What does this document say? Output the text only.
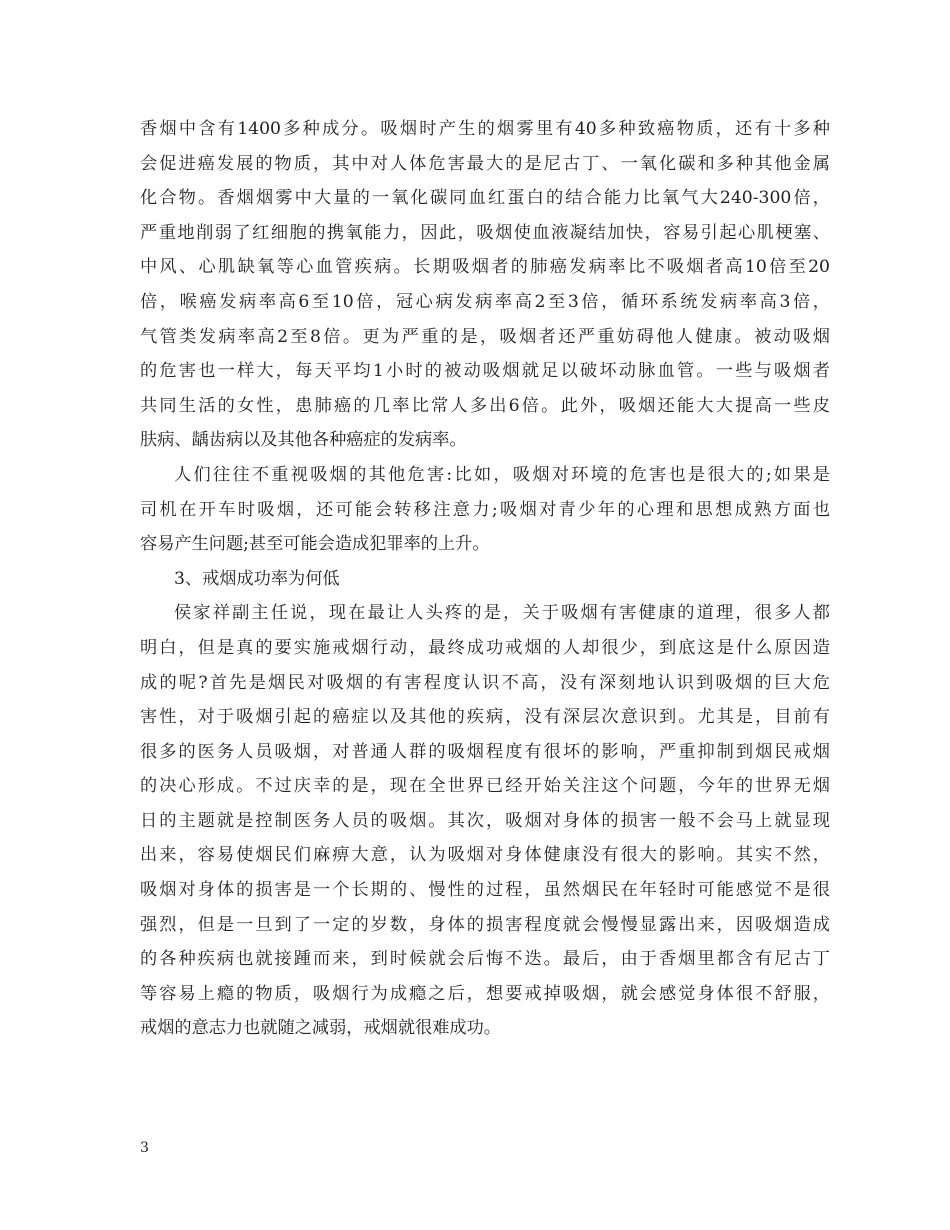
香烟中含有1400多种成分。吸烟时产生的烟雾里有40多种致癌物质，还有十多种
会促进癌发展的物质，其中对人体危害最大的是尼古丁、一氧化碳和多种其他金属
化合物。香烟烟雾中大量的一氧化碳同血红蛋白的结合能力比氧气大240-300倍，
严重地削弱了红细胞的携氧能力，因此，吸烟使血液凝结加快，容易引起心肌梗塞、
中风、心肌缺氧等心血管疾病。长期吸烟者的肺癌发病率比不吸烟者高10倍至20
倍，喉癌发病率高6至10倍，冠心病发病率高2至3倍，循环系统发病率高3倍，
气管类发病率高2至8倍。更为严重的是，吸烟者还严重妨碍他人健康。被动吸烟
的危害也一样大，每天平均1小时的被动吸烟就足以破坏动脉血管。一些与吸烟者
共同生活的女性，患肺癌的几率比常人多出6倍。此外，吸烟还能大大提高一些皮
肤病、龋齿病以及其他各种癌症的发病率。
人们往往不重视吸烟的其他危害:比如，吸烟对环境的危害也是很大的;如果是
司机在开车时吸烟，还可能会转移注意力;吸烟对青少年的心理和思想成熟方面也
容易产生问题;甚至可能会造成犯罪率的上升。
3、戒烟成功率为何低
侯家祥副主任说，现在最让人头疼的是，关于吸烟有害健康的道理，很多人都
明白，但是真的要实施戒烟行动，最终成功戒烟的人却很少，到底这是什么原因造
成的呢?首先是烟民对吸烟的有害程度认识不高，没有深刻地认识到吸烟的巨大危
害性，对于吸烟引起的癌症以及其他的疾病，没有深层次意识到。尤其是，目前有
很多的医务人员吸烟，对普通人群的吸烟程度有很坏的影响，严重抑制到烟民戒烟
的决心形成。不过庆幸的是，现在全世界已经开始关注这个问题，今年的世界无烟
日的主题就是控制医务人员的吸烟。其次，吸烟对身体的损害一般不会马上就显现
出来，容易使烟民们麻痹大意，认为吸烟对身体健康没有很大的影响。其实不然，
吸烟对身体的损害是一个长期的、慢性的过程，虽然烟民在年轻时可能感觉不是很
强烈，但是一旦到了一定的岁数，身体的损害程度就会慢慢显露出来，因吸烟造成
的各种疾病也就接踵而来，到时候就会后悔不迭。最后，由于香烟里都含有尼古丁
等容易上瘾的物质，吸烟行为成瘾之后，想要戒掉吸烟，就会感觉身体很不舒服，
戒烟的意志力也就随之减弱，戒烟就很难成功。
3
